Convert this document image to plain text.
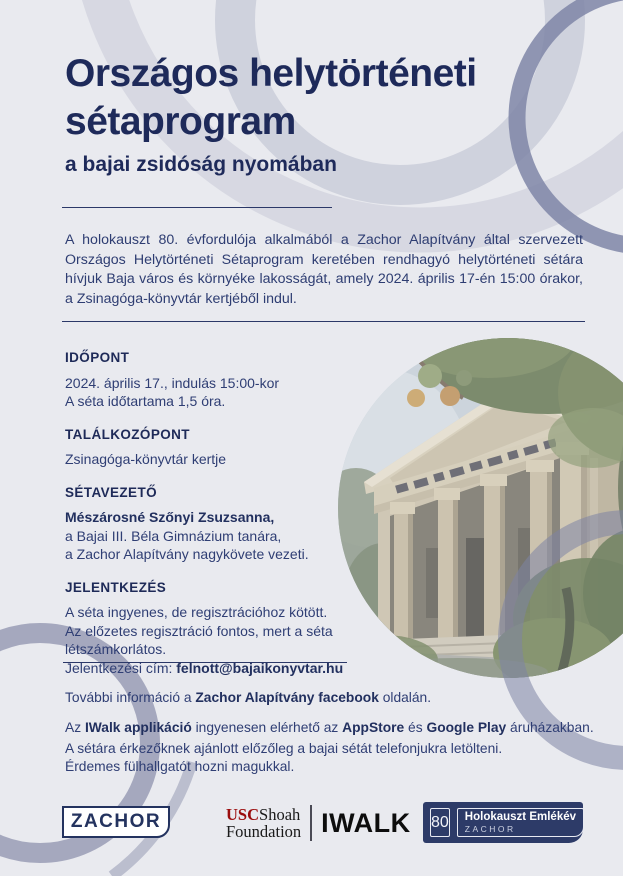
Országos helytörténeti
sétaprogram
a bajai zsidóság nyomában
A holokauszt 80. évfordulója alkalmából a Zachor Alapítvány által szervezett Országos Helytörténeti Sétaprogram keretében rendhagyó helytörténeti sétára hívjuk Baja város és környéke lakosságát, amely 2024. április 17-én 15:00 órakor, a Zsinagóga-könyvtár kertjéből indul.
IDŐPONT
2024. április 17., indulás 15:00-kor
A séta időtartama 1,5 óra.
TALÁLKOZÓPONT
Zsinagóga-könyvtár kertje
SÉTAVEZETŐ
Mészárosné Szőnyi Zsuzsanna,
a Bajai III. Béla Gimnázium tanára,
a Zachor Alapítvány nagykövete vezeti.
JELENTKEZÉS
A séta ingyenes, de regisztrációhoz kötött.
Az előzetes regisztráció fontos, mert a séta
létszámkorlátos.
Jelentkezési cím: felnott@bajaikonyvtar.hu
További információ a Zachor Alapítvány facebook oldalán.
Az IWalk applikáció ingyenesen elérhető az AppStore és Google Play áruházakban.
A sétára érkezőknek ajánlott előzőleg a bajai sétát telefonjukra letölteni.
Érdemes fülhallgatót hozni magukkal.
ZACHOR	USCShoah
Foundation IWALK 80 Holokauszt Emlékév
ZACHOR
